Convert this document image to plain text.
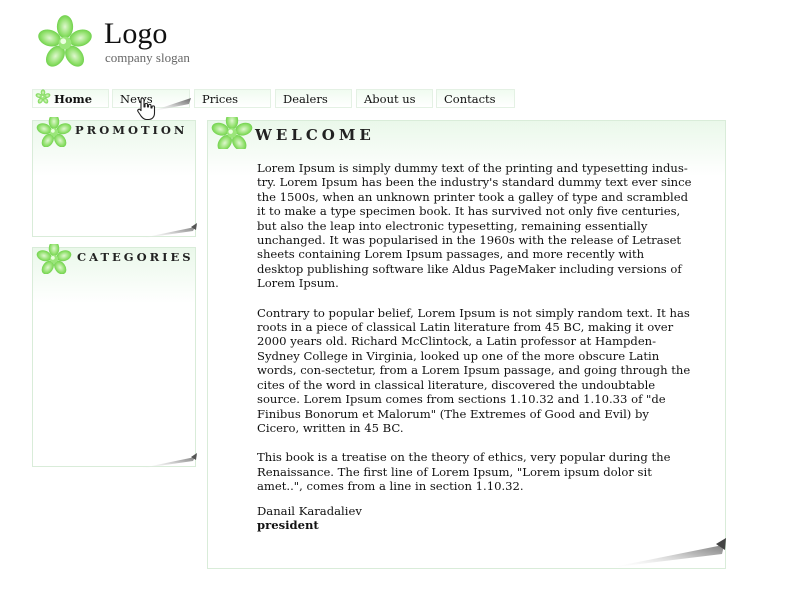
Logo
company slogan
Home	News	Prices	Dealers	About us	Contacts
PROMOTION
CATEGORIES
WELCOME

Lorem Ipsum is simply dummy text of the printing and typesetting indus-try. Lorem Ipsum has been the industry's standard dummy text ever since the 1500s, when an unknown printer took a galley of type and scrambled it to make a type specimen book. It has survived not only five centuries, but also the leap into electronic typesetting, remaining essentially unchanged. It was popularised in the 1960s with the release of Letraset sheets containing Lorem Ipsum passages, and more recently with desktop publishing software like Aldus PageMaker including versions of Lorem Ipsum.

Contrary to popular belief, Lorem Ipsum is not simply random text. It has roots in a piece of classical Latin literature from 45 BC, making it over 2000 years old. Richard McClintock, a Latin professor at Hampden-Sydney College in Virginia, looked up one of the more obscure Latin words, con-sectetur, from a Lorem Ipsum passage, and going through the cites of the word in classical literature, discovered the undoubtable source. Lorem Ipsum comes from sections 1.10.32 and 1.10.33 of "de Finibus Bonorum et Malorum" (The Extremes of Good and Evil) by Cicero, written in 45 BC.

This book is a treatise on the theory of ethics, very popular during the Renaissance. The first line of Lorem Ipsum, "Lorem ipsum dolor sit amet..", comes from a line in section 1.10.32.

Danail Karadaliev
president
